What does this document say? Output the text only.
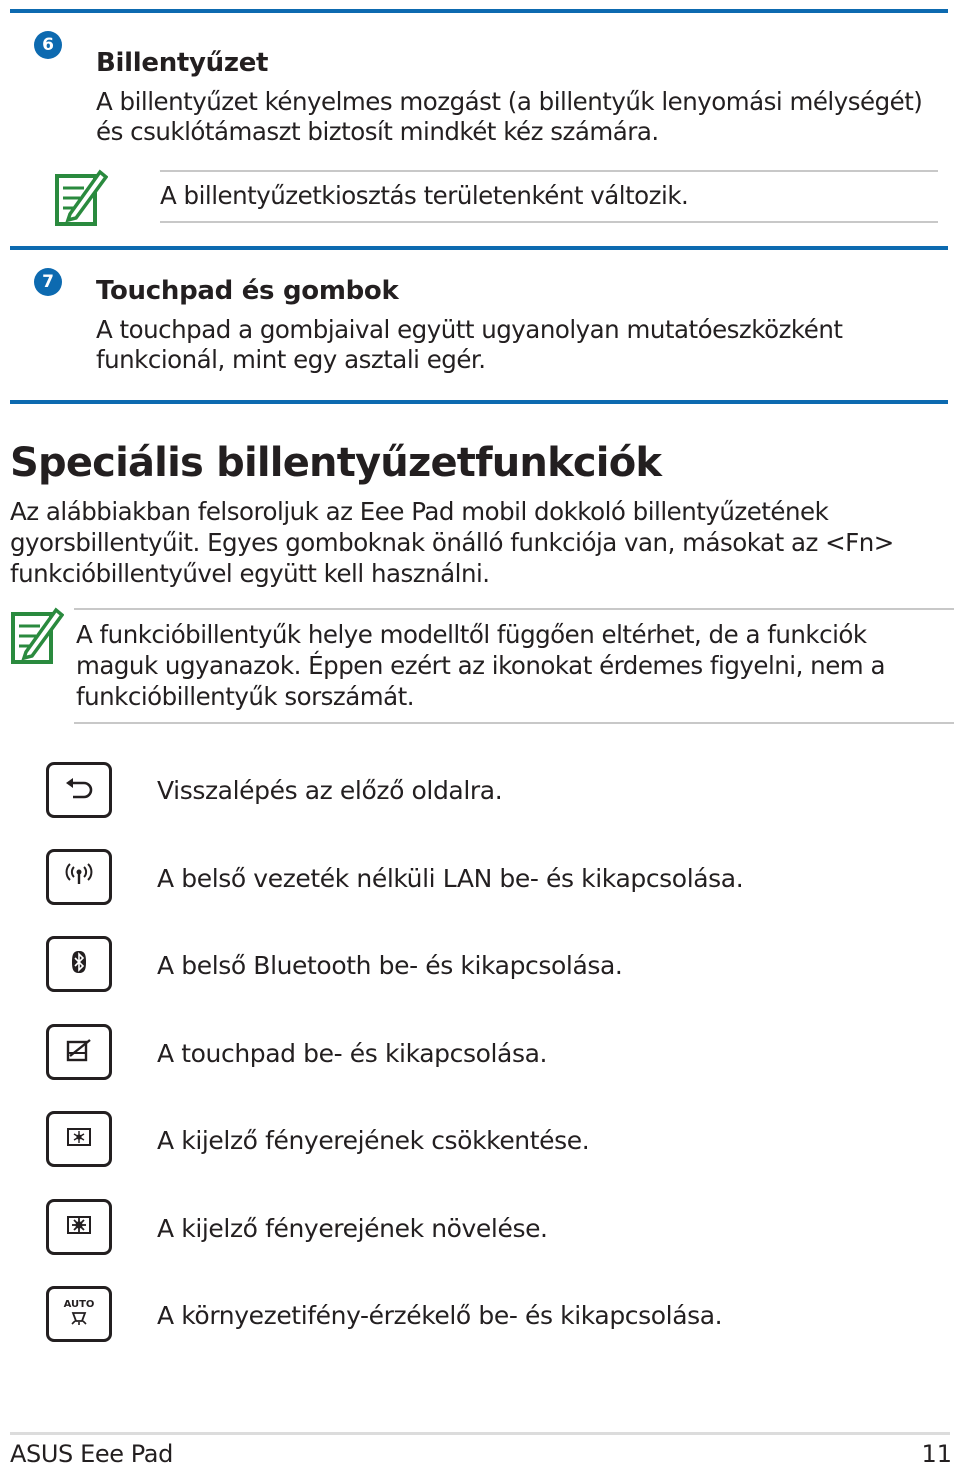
6
Billentyűzet
A billentyűzet kényelmes mozgást (a billentyűk lenyomási mélységét) és csuklótámaszt biztosít mindkét kéz számára.
A billentyűzetkiosztás területenként változik.
7	Touchpad és gombok
A touchpad a gombjaival együtt ugyanolyan mutatóeszközként funkcionál, mint egy asztali egér.
Speciális billentyűzetfunkciók
Az alábbiakban felsoroljuk az Eee Pad mobil dokkoló billentyűzetének gyorsbillentyűit. Egyes gomboknak önálló funkciója van, másokat az <Fn> funkcióbillentyűvel együtt kell használni.
A funkcióbillentyűk helye modelltől függően eltérhet, de a funkciók maguk ugyanazok. Éppen ezért az ikonokat érdemes figyelni, nem a funkcióbillentyűk sorszámát.
Visszalépés az előző oldalra.
A belső vezeték nélküli LAN be- és kikapcsolása.
A belső Bluetooth be- és kikapcsolása.
A touchpad be- és kikapcsolása.
A kijelző fényerejének csökkentése.
A kijelző fényerejének növelése.
AUTO	A környezetifény-érzékelő be- és kikapcsolása.
ASUS Eee Pad	11
